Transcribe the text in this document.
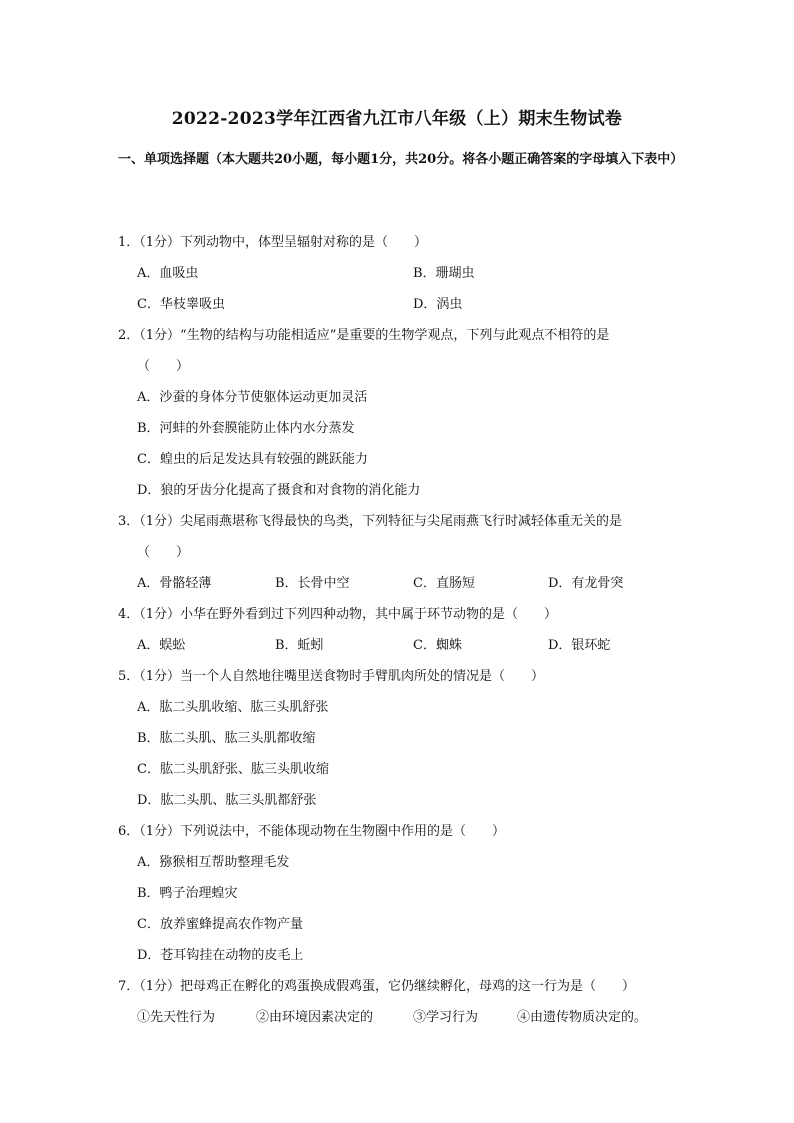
2022-2023学年江西省九江市八年级（上）期末生物试卷
一、单项选择题（本大题共20小题，每小题1分，共20分。将各小题正确答案的字母填入下表中）
1．（1分）下列动物中，体型呈辐射对称的是（　　）
A．血吸虫	B．珊瑚虫
C．华枝睾吸虫	D．涡虫
2．（1分）“生物的结构与功能相适应”是重要的生物学观点，下列与此观点不相符的是
（　　）
A．沙蚕的身体分节使躯体运动更加灵活
B．河蚌的外套膜能防止体内水分蒸发
C．蝗虫的后足发达具有较强的跳跃能力
D．狼的牙齿分化提高了摄食和对食物的消化能力
3．（1分）尖尾雨燕堪称飞得最快的鸟类，下列特征与尖尾雨燕飞行时减轻体重无关的是
（　　）
A．骨骼轻薄	B．长骨中空	C．直肠短	D．有龙骨突
4．（1分）小华在野外看到过下列四种动物，其中属于环节动物的是（　　）
A．蜈蚣	B．蚯蚓	C．蜘蛛	D．银环蛇
5．（1分）当一个人自然地往嘴里送食物时手臂肌肉所处的情况是（　　）
A．肱二头肌收缩、肱三头肌舒张
B．肱二头肌、肱三头肌都收缩
C．肱二头肌舒张、肱三头肌收缩
D．肱二头肌、肱三头肌都舒张
6．（1分）下列说法中，不能体现动物在生物圈中作用的是（　　）
A．猕猴相互帮助整理毛发
B．鸭子治理蝗灾
C．放养蜜蜂提高农作物产量
D．苍耳钩挂在动物的皮毛上
7．（1分）把母鸡正在孵化的鸡蛋换成假鸡蛋，它仍继续孵化，母鸡的这一行为是（　　）
①先天性行为	②由环境因素决定的	③学习行为	④由遗传物质决定的。
